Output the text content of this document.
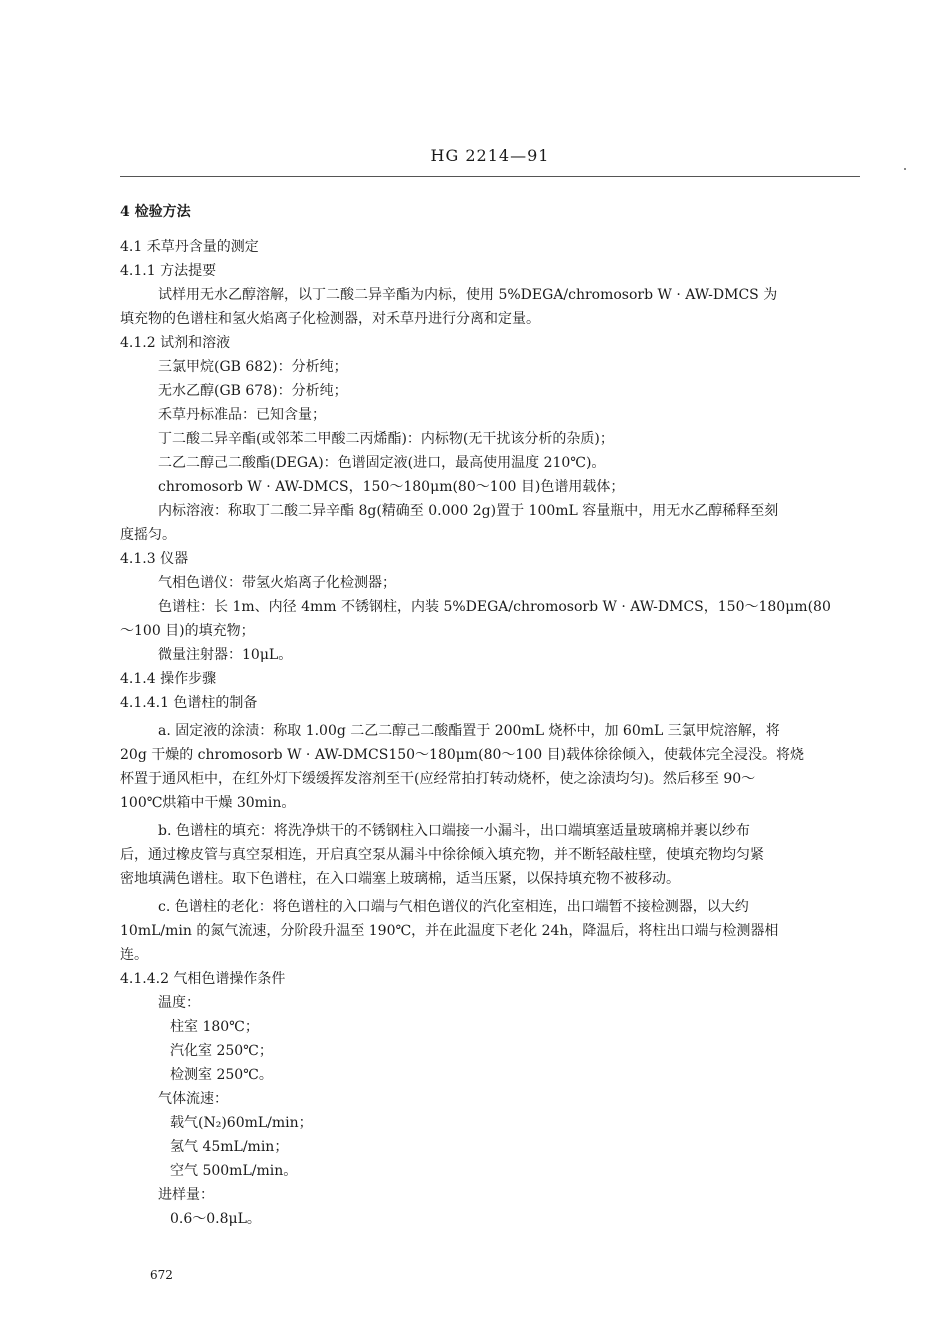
HG 2214—91
4 检验方法
4.1 禾草丹含量的测定
4.1.1 方法提要
试样用无水乙醇溶解，以丁二酸二异辛酯为内标，使用 5%DEGA/chromosorb W · AW-DMCS 为
填充物的色谱柱和氢火焰离子化检测器，对禾草丹进行分离和定量。
4.1.2 试剂和溶液
三氯甲烷(GB 682)：分析纯；
无水乙醇(GB 678)：分析纯；
禾草丹标准品：已知含量；
丁二酸二异辛酯(或邻苯二甲酸二丙烯酯)：内标物(无干扰该分析的杂质)；
二乙二醇己二酸酯(DEGA)：色谱固定液(进口，最高使用温度 210℃)。
chromosorb W · AW-DMCS，150～180μm(80～100 目)色谱用载体；
内标溶液：称取丁二酸二异辛酯 8g(精确至 0.000 2g)置于 100mL 容量瓶中，用无水乙醇稀释至刻
度摇匀。
4.1.3 仪器
气相色谱仪：带氢火焰离子化检测器；
色谱柱：长 1m、内径 4mm 不锈钢柱，内装 5%DEGA/chromosorb W · AW-DMCS，150～180μm(80
～100 目)的填充物；
微量注射器：10μL。
4.1.4 操作步骤
4.1.4.1 色谱柱的制备
a. 固定液的涂渍：称取 1.00g 二乙二醇己二酸酯置于 200mL 烧杯中，加 60mL 三氯甲烷溶解，将
20g 干燥的 chromosorb W · AW-DMCS150～180μm(80～100 目)载体徐徐倾入，使载体完全浸没。将烧
杯置于通风柜中，在红外灯下缓缓挥发溶剂至干(应经常拍打转动烧杯，使之涂渍均匀)。然后移至 90～
100℃烘箱中干燥 30min。
b. 色谱柱的填充：将洗净烘干的不锈钢柱入口端接一小漏斗，出口端填塞适量玻璃棉并裹以纱布
后，通过橡皮管与真空泵相连，开启真空泵从漏斗中徐徐倾入填充物，并不断轻敲柱壁，使填充物均匀紧
密地填满色谱柱。取下色谱柱，在入口端塞上玻璃棉，适当压紧，以保持填充物不被移动。
c. 色谱柱的老化：将色谱柱的入口端与气相色谱仪的汽化室相连，出口端暂不接检测器，以大约
10mL/min 的氮气流速，分阶段升温至 190℃，并在此温度下老化 24h，降温后，将柱出口端与检测器相
连。
4.1.4.2 气相色谱操作条件
温度：
柱室 180℃；
汽化室 250℃；
检测室 250℃。
气体流速：
载气(N₂)60mL/min；
氢气 45mL/min；
空气 500mL/min。
进样量：
0.6～0.8μL。
672
